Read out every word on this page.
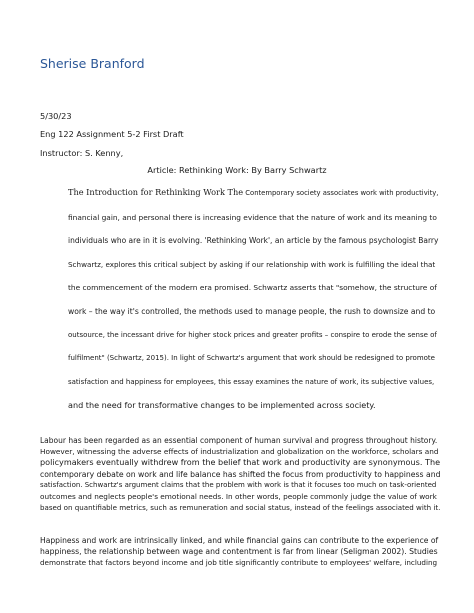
Sherise Branford
5/30/23
Eng 122 Assignment 5-2 First Draft
Instructor: S. Kenny,
Article: Rethinking Work: By Barry Schwartz
The Introduction for Rethinking Work The Contemporary society associates work with productivity,
financial gain, and personal there is increasing evidence that the nature of work and its meaning to
individuals who are in it is evolving. 'Rethinking Work', an article by the famous psychologist Barry
Schwartz, explores this critical subject by asking if our relationship with work is fulfilling the ideal that
the commencement of the modern era promised. Schwartz asserts that "somehow, the structure of
work – the way it's controlled, the methods used to manage people, the rush to downsize and to
outsource, the incessant drive for higher stock prices and greater profits – conspire to erode the sense of
fulfilment" (Schwartz, 2015). In light of Schwartz's argument that work should be redesigned to promote
satisfaction and happiness for employees, this essay examines the nature of work, its subjective values,
and the need for transformative changes to be implemented across society.
Labour has been regarded as an essential component of human survival and progress throughout history.
However, witnessing the adverse effects of industrialization and globalization on the workforce, scholars and
policymakers eventually withdrew from the belief that work and productivity are synonymous. The
contemporary debate on work and life balance has shifted the focus from productivity to happiness and
satisfaction. Schwartz's argument claims that the problem with work is that it focuses too much on task-oriented
outcomes and neglects people's emotional needs. In other words, people commonly judge the value of work
based on quantifiable metrics, such as remuneration and social status, instead of the feelings associated with it.
Happiness and work are intrinsically linked, and while financial gains can contribute to the experience of
happiness, the relationship between wage and contentment is far from linear (Seligman 2002). Studies
demonstrate that factors beyond income and job title significantly contribute to employees' welfare, including
